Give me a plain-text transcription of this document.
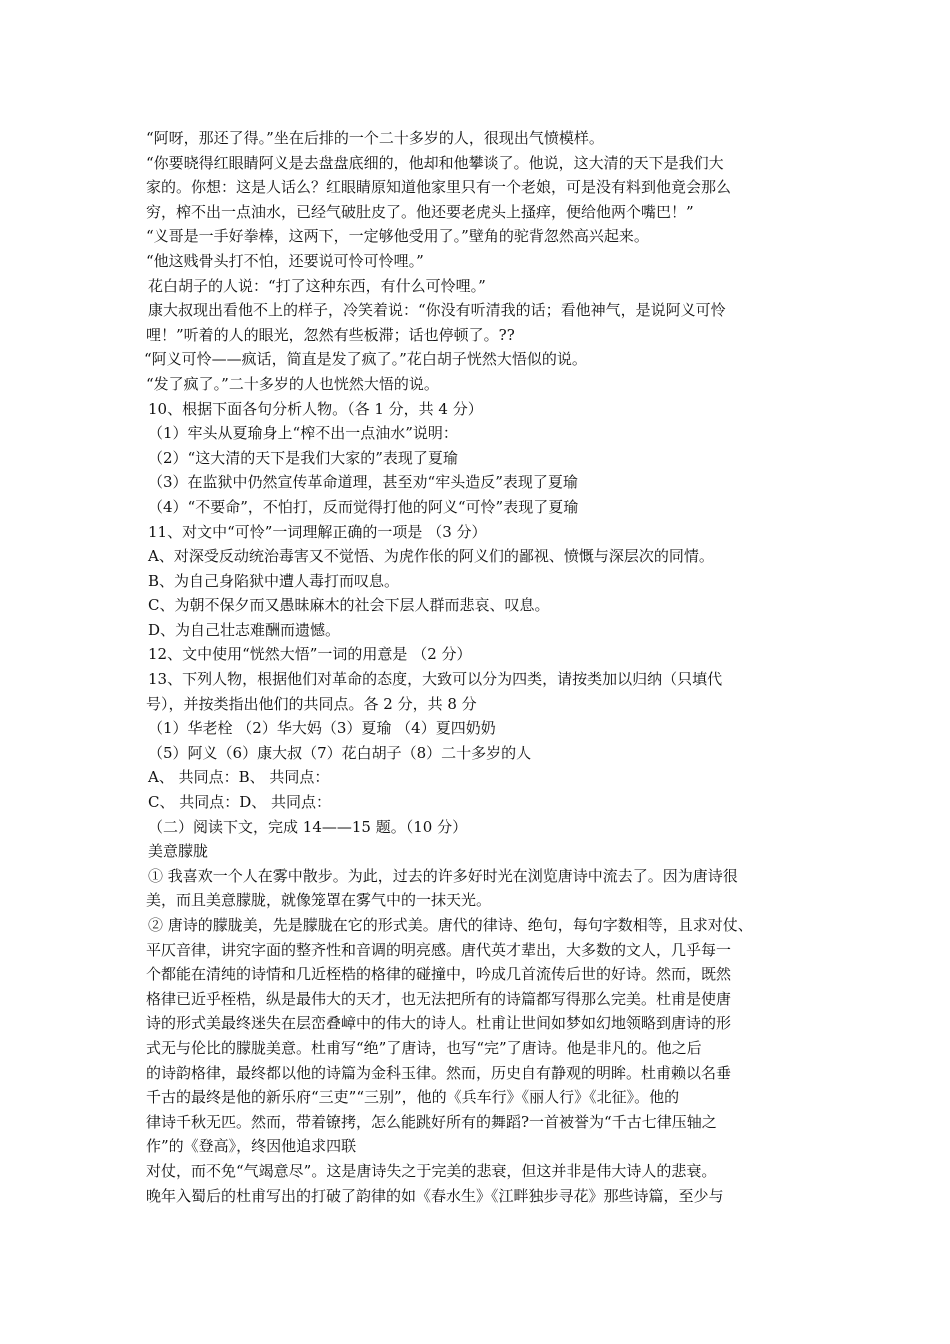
“阿呀，那还了得。”坐在后排的一个二十多岁的人，很现出气愤模样。
“你要晓得红眼睛阿义是去盘盘底细的，他却和他攀谈了。他说，这大清的天下是我们大
家的。你想：这是人话么？红眼睛原知道他家里只有一个老娘，可是没有料到他竟会那么
穷，榨不出一点油水，已经气破肚皮了。他还要老虎头上搔痒，便给他两个嘴巴！”
“义哥是一手好拳棒，这两下，一定够他受用了。”壁角的驼背忽然高兴起来。
“他这贱骨头打不怕，还要说可怜可怜哩。”
花白胡子的人说：“打了这种东西，有什么可怜哩。”
康大叔现出看他不上的样子，冷笑着说：“你没有听清我的话；看他神气，是说阿义可怜
哩！”听着的人的眼光，忽然有些板滞；话也停顿了。??
“阿义可怜——疯话，简直是发了疯了。”花白胡子恍然大悟似的说。
“发了疯了。”二十多岁的人也恍然大悟的说。
10、根据下面各句分析人物。（各 1 分，共 4 分）
（1）牢头从夏瑜身上“榨不出一点油水”说明：
（2）“这大清的天下是我们大家的”表现了夏瑜
（3）在监狱中仍然宣传革命道理，甚至劝“牢头造反”表现了夏瑜
（4）“不要命”，不怕打，反而觉得打他的阿义“可怜”表现了夏瑜
11、对文中“可怜”一词理解正确的一项是 （3 分）
A、对深受反动统治毒害又不觉悟、为虎作伥的阿义们的鄙视、愤慨与深层次的同情。
B、为自己身陷狱中遭人毒打而叹息。
C、为朝不保夕而又愚昧麻木的社会下层人群而悲哀、叹息。
D、为自己壮志难酬而遗憾。
12、文中使用“恍然大悟”一词的用意是 （2 分）
13、下列人物，根据他们对革命的态度，大致可以分为四类，请按类加以归纳（只填代
号），并按类指出他们的共同点。各 2 分，共 8 分
（1）华老栓 （2）华大妈（3）夏瑜 （4）夏四奶奶
（5）阿义（6）康大叔（7）花白胡子（8）二十多岁的人
A、 共同点：B、 共同点：
C、 共同点：D、 共同点：
（二）阅读下文，完成 14——15 题。（10 分）
美意朦胧
① 我喜欢一个人在雾中散步。为此，过去的许多好时光在浏览唐诗中流去了。因为唐诗很
美，而且美意朦胧，就像笼罩在雾气中的一抹天光。
② 唐诗的朦胧美，先是朦胧在它的形式美。唐代的律诗、绝句，每句字数相等，且求对仗、
平仄音律，讲究字面的整齐性和音调的明亮感。唐代英才辈出，大多数的文人，几乎每一
个都能在清纯的诗情和几近桎梏的格律的碰撞中，吟成几首流传后世的好诗。然而，既然
格律已近乎桎梏，纵是最伟大的天才，也无法把所有的诗篇都写得那么完美。杜甫是使唐
诗的形式美最终迷失在层峦叠嶂中的伟大的诗人。杜甫让世间如梦如幻地领略到唐诗的形
式无与伦比的朦胧美意。杜甫写“绝”了唐诗，也写“完”了唐诗。他是非凡的。他之后
的诗韵格律，最终都以他的诗篇为金科玉律。然而，历史自有静观的明眸。杜甫赖以名垂
千古的最终是他的新乐府“三吏”“三别”，他的《兵车行》《丽人行》《北征》。他的
律诗千秋无匹。然而，带着镣拷，怎么能跳好所有的舞蹈?一首被誉为“千古七律压轴之
作”的《登高》，终因他追求四联
对仗，而不免“气竭意尽”。这是唐诗失之于完美的悲衰，但这并非是伟大诗人的悲衰。
晚年入蜀后的杜甫写出的打破了韵律的如《春水生》《江畔独步寻花》那些诗篇，至少与
